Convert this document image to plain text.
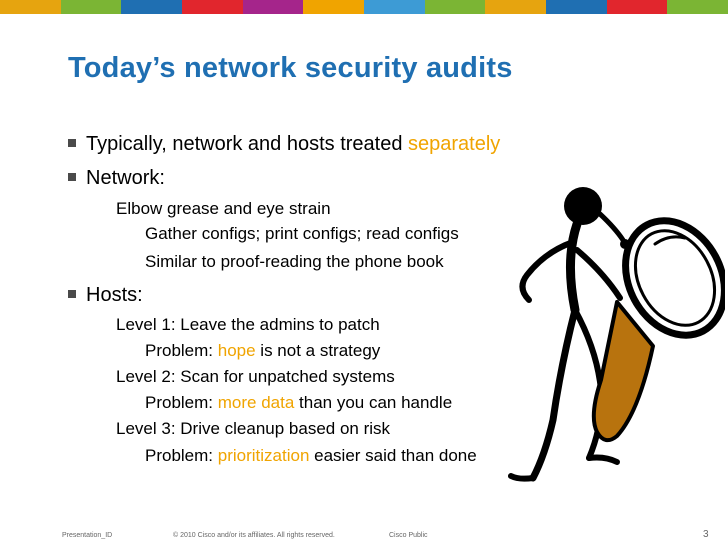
Today’s network security audits
Typically, network and hosts treated separately
Network:
Elbow grease and eye strain
Gather configs; print configs; read configs
Similar to proof-reading the phone book
Hosts:
Level 1: Leave the admins to patch
Problem: hope is not a strategy
Level 2: Scan for unpatched systems
Problem: more data than you can handle
Level 3: Drive cleanup based on risk
Problem: prioritization easier said than done
Presentation_ID	© 2010 Cisco and/or its affiliates. All rights reserved.	Cisco Public	3
